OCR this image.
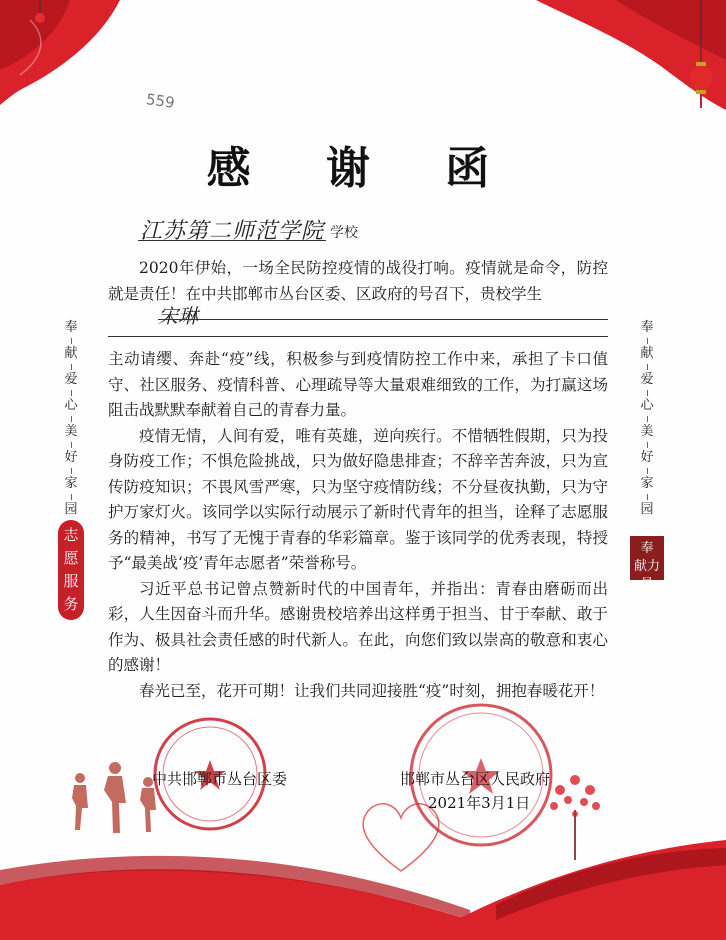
559
感 谢 函
江苏第二师范学院 学校

2020年伊始，一场全民防控疫情的战役打响。疫情就是命令，防控就是责任！在中共邯郸市丛台区委、区政府的号召下，贵校学生

宋琳

主动请缨、奔赴“疫”线，积极参与到疫情防控工作中来，承担了卡口值守、社区服务、疫情科普、心理疏导等大量艰难细致的工作，为打赢这场阻击战默默奉献着自己的青春力量。

疫情无情，人间有爱，唯有英雄，逆向疾行。不惜牺牲假期，只为投身防疫工作；不惧危险挑战，只为做好隐患排查；不辞辛苦奔波，只为宣传防疫知识；不畏风雪严寒，只为坚守疫情防线；不分昼夜执勤，只为守护万家灯火。该同学以实际行动展示了新时代青年的担当，诠释了志愿服务的精神，书写了无愧于青春的华彩篇章。鉴于该同学的优秀表现，特授予“最美战‘疫’青年志愿者”荣誉称号。

习近平总书记曾点赞新时代的中国青年，并指出：青春由磨砺而出彩，人生因奋斗而升华。感谢贵校培养出这样勇于担当、甘于奉献、敢于作为、极具社会责任感的时代新人。在此，向您们致以崇高的敬意和衷心的感谢！

春光已至，花开可期！让我们共同迎接胜“疫”时刻，拥抱春暖花开！

奉
献
爱
心
美
好
家
园
志
愿
服
务
奉
献
爱
心
美
好
家
园
奉
献力量
中共邯郸市丛台区委	邯郸市丛台区人民政府
2021年3月1日
